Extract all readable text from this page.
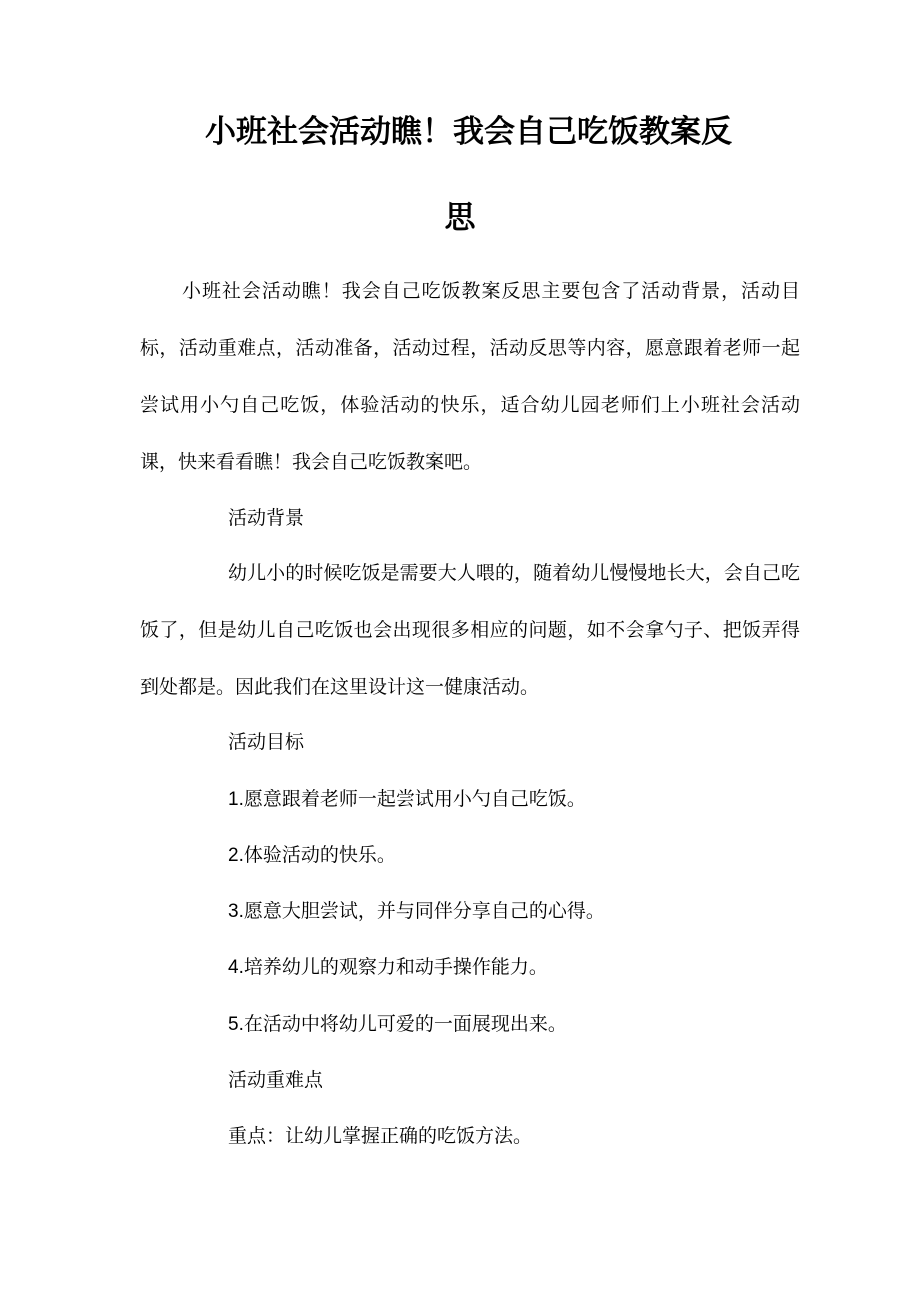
小班社会活动瞧！我会自己吃饭教案反
思

小班社会活动瞧！我会自己吃饭教案反思主要包含了活动背景，活动目标，活动重难点，活动准备，活动过程，活动反思等内容，愿意跟着老师一起尝试用小勺自己吃饭，体验活动的快乐，适合幼儿园老师们上小班社会活动课，快来看看瞧！我会自己吃饭教案吧。

活动背景

幼儿小的时候吃饭是需要大人喂的，随着幼儿慢慢地长大，会自己吃饭了，但是幼儿自己吃饭也会出现很多相应的问题，如不会拿勺子、把饭弄得到处都是。因此我们在这里设计这一健康活动。

活动目标

1.愿意跟着老师一起尝试用小勺自己吃饭。

2.体验活动的快乐。

3.愿意大胆尝试，并与同伴分享自己的心得。

4.培养幼儿的观察力和动手操作能力。

5.在活动中将幼儿可爱的一面展现出来。

活动重难点

重点：让幼儿掌握正确的吃饭方法。
